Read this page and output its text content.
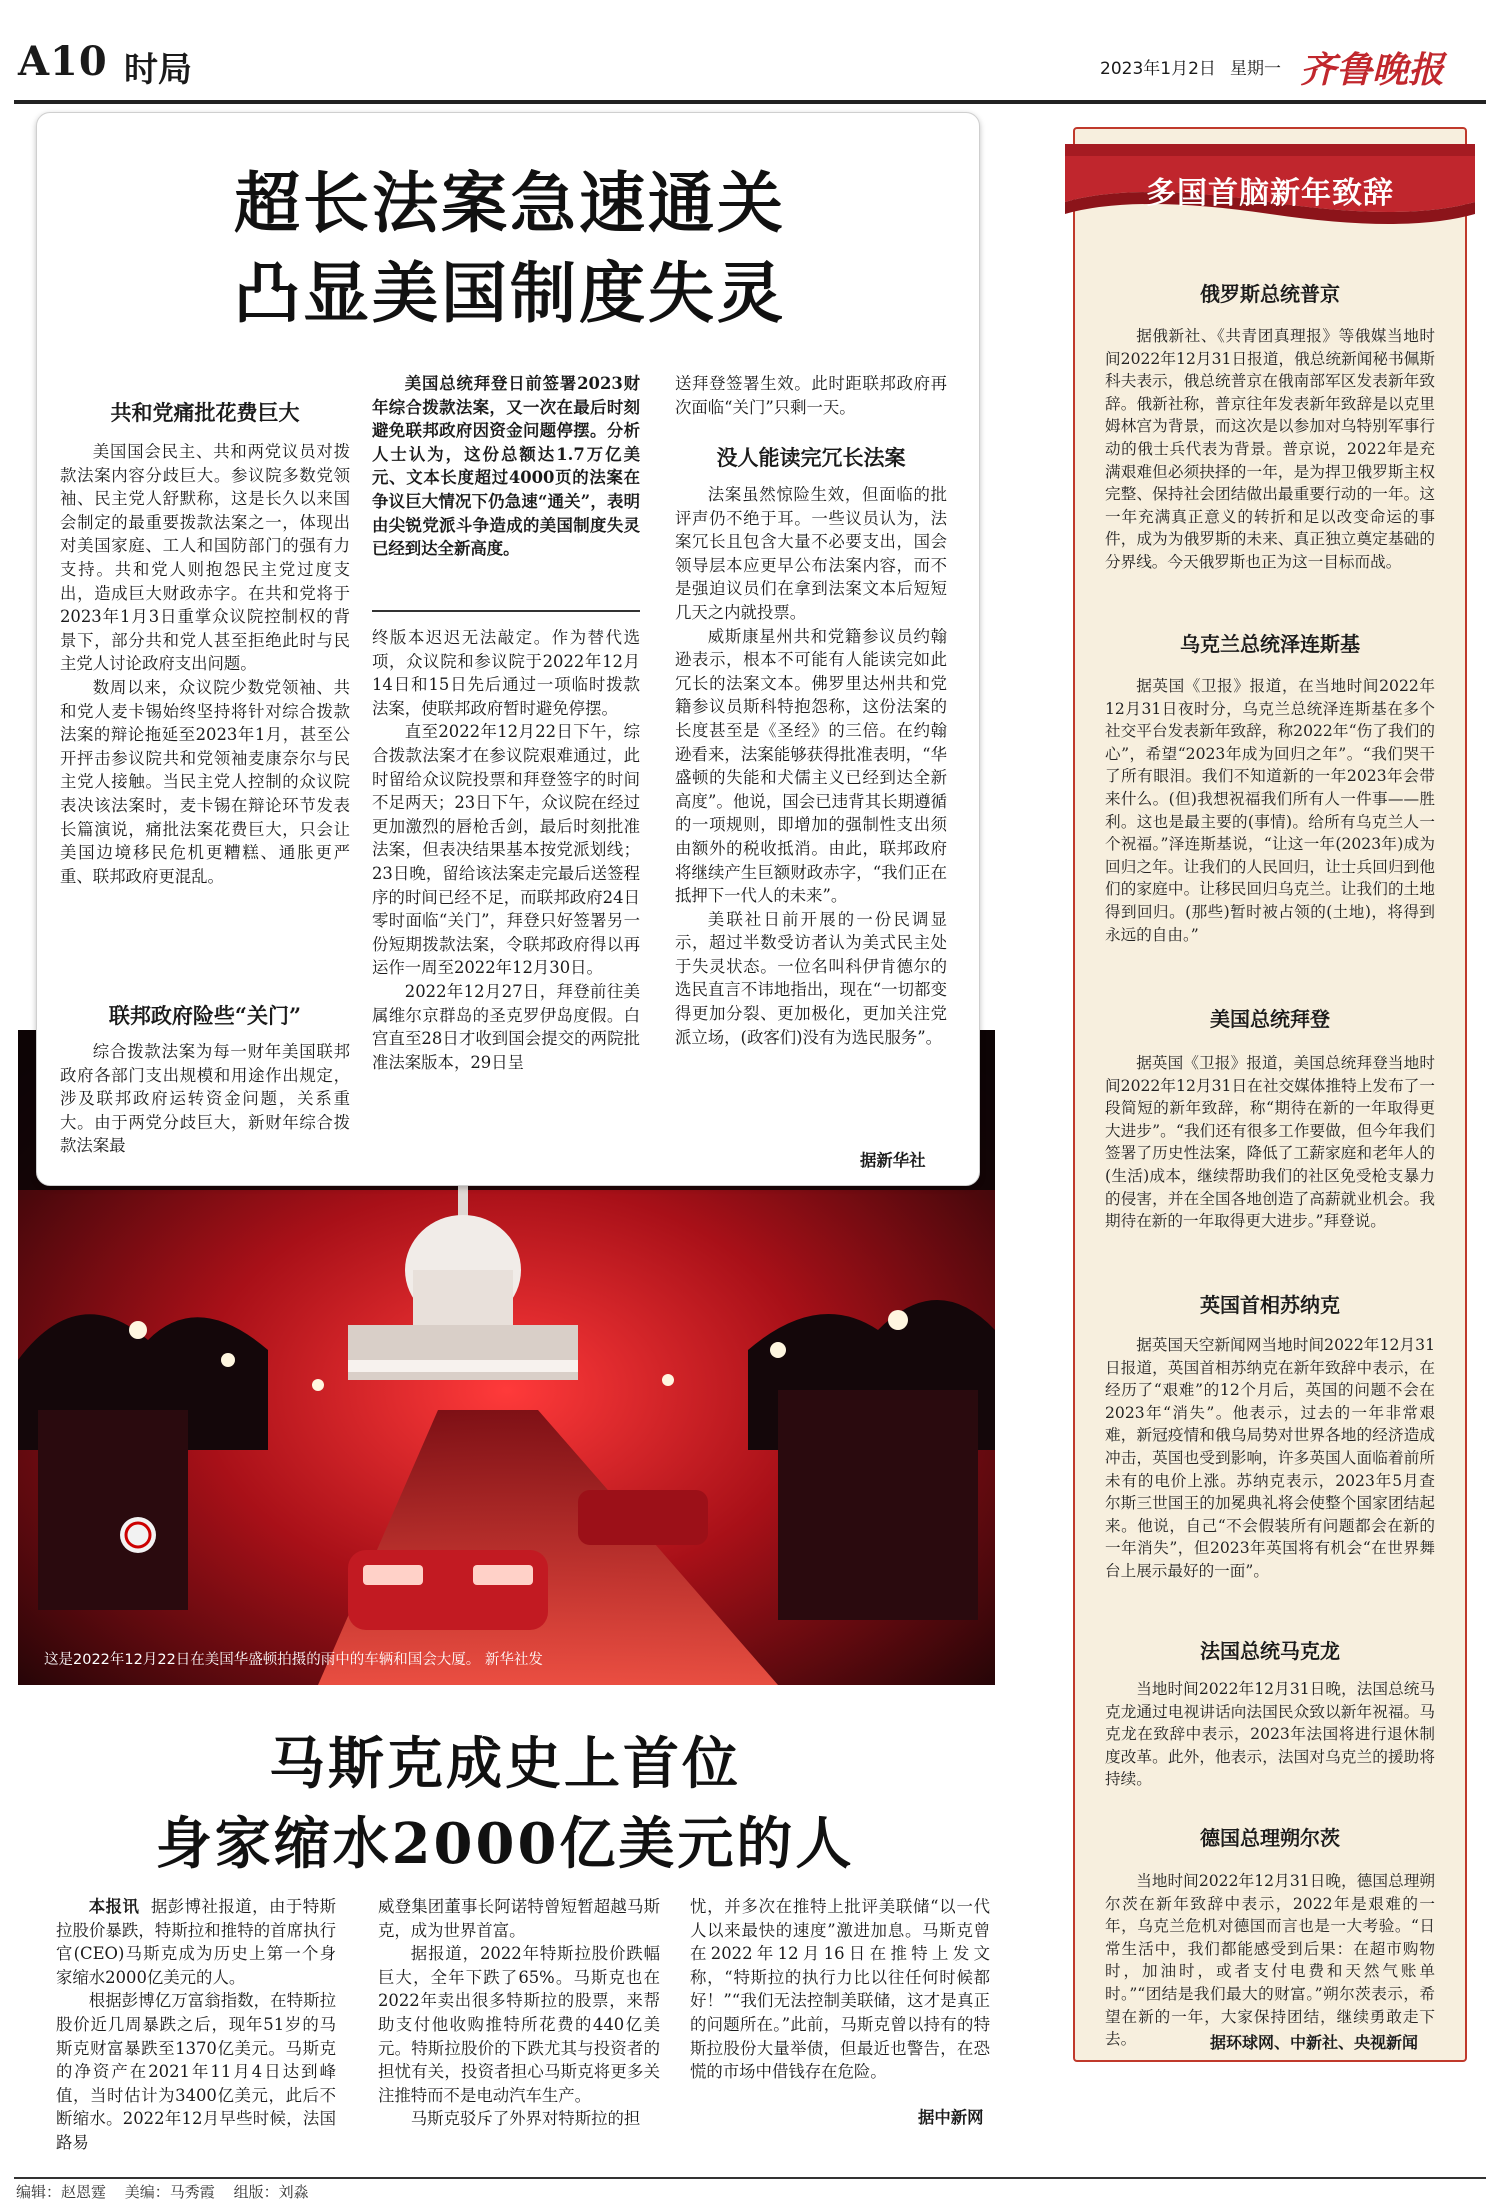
A10 时局	2023年1月2日 星期一 齐鲁晚报
这是2022年12月22日在美国华盛顿拍摄的雨中的车辆和国会大厦。 新华社发
超长法案急速通关
凸显美国制度失灵
共和党痛批花费巨大

美国国会民主、共和两党议员对拨款法案内容分歧巨大。参议院多数党领袖、民主党人舒默称，这是长久以来国会制定的最重要拨款法案之一，体现出对美国家庭、工人和国防部门的强有力支持。共和党人则抱怨民主党过度支出，造成巨大财政赤字。在共和党将于2023年1月3日重掌众议院控制权的背景下，部分共和党人甚至拒绝此时与民主党人讨论政府支出问题。

数周以来，众议院少数党领袖、共和党人麦卡锡始终坚持将针对综合拨款法案的辩论拖延至2023年1月，甚至公开抨击参议院共和党领袖麦康奈尔与民主党人接触。当民主党人控制的众议院表决该法案时，麦卡锡在辩论环节发表长篇演说，痛批法案花费巨大，只会让美国边境移民危机更糟糕、通胀更严重、联邦政府更混乱。

联邦政府险些“关门”

综合拨款法案为每一财年美国联邦政府各部门支出规模和用途作出规定，涉及联邦政府运转资金问题，关系重大。由于两党分歧巨大，新财年综合拨款法案最

美国总统拜登日前签署2023财年综合拨款法案，又一次在最后时刻避免联邦政府因资金问题停摆。分析人士认为，这份总额达1.7万亿美元、文本长度超过4000页的法案在争议巨大情况下仍急速“通关”，表明由尖锐党派斗争造成的美国制度失灵已经到达全新高度。

终版本迟迟无法敲定。作为替代选项，众议院和参议院于2022年12月14日和15日先后通过一项临时拨款法案，使联邦政府暂时避免停摆。

直至2022年12月22日下午，综合拨款法案才在参议院艰难通过，此时留给众议院投票和拜登签字的时间不足两天；23日下午，众议院在经过更加激烈的唇枪舌剑，最后时刻批准法案，但表决结果基本按党派划线；23日晚，留给该法案走完最后送签程序的时间已经不足，而联邦政府24日零时面临“关门”，拜登只好签署另一份短期拨款法案，令联邦政府得以再运作一周至2022年12月30日。

2022年12月27日，拜登前往美属维尔京群岛的圣克罗伊岛度假。白宫直至28日才收到国会提交的两院批准法案版本，29日呈

送拜登签署生效。此时距联邦政府再次面临“关门”只剩一天。
没人能读完冗长法案

法案虽然惊险生效，但面临的批评声仍不绝于耳。一些议员认为，法案冗长且包含大量不必要支出，国会领导层本应更早公布法案内容，而不是强迫议员们在拿到法案文本后短短几天之内就投票。

威斯康星州共和党籍参议员约翰逊表示，根本不可能有人能读完如此冗长的法案文本。佛罗里达州共和党籍参议员斯科特抱怨称，这份法案的长度甚至是《圣经》的三倍。在约翰逊看来，法案能够获得批准表明，“华盛顿的失能和犬儒主义已经到达全新高度”。他说，国会已违背其长期遵循的一项规则，即增加的强制性支出须由额外的税收抵消。由此，联邦政府将继续产生巨额财政赤字，“我们正在抵押下一代人的未来”。

美联社日前开展的一份民调显示，超过半数受访者认为美式民主处于失灵状态。一位名叫科伊肯德尔的选民直言不讳地指出，现在“一切都变得更加分裂、更加极化，更加关注党派立场，(政客们)没有为选民服务”。

据新华社
马斯克成史上首位
身家缩水2000亿美元的人

本报讯 据彭博社报道，由于特斯拉股价暴跌，特斯拉和推特的首席执行官(CEO)马斯克成为历史上第一个身家缩水2000亿美元的人。

根据彭博亿万富翁指数，在特斯拉股价近几周暴跌之后，现年51岁的马斯克财富暴跌至1370亿美元。马斯克的净资产在2021年11月4日达到峰值，当时估计为3400亿美元，此后不断缩水。2022年12月早些时候，法国路易

威登集团董事长阿诺特曾短暂超越马斯克，成为世界首富。

据报道，2022年特斯拉股价跌幅巨大，全年下跌了65%。马斯克也在2022年卖出很多特斯拉的股票，来帮助支付他收购推特所花费的440亿美元。特斯拉股价的下跌尤其与投资者的担忧有关，投资者担心马斯克将更多关注推特而不是电动汽车生产。

马斯克驳斥了外界对特斯拉的担

忧，并多次在推特上批评美联储“以一代人以来最快的速度”激进加息。马斯克曾在2022年12月16日在推特上发文称，“特斯拉的执行力比以往任何时候都好！”“我们无法控制美联储，这才是真正的问题所在。”此前，马斯克曾以持有的特斯拉股份大量举债，但最近也警告，在恐慌的市场中借钱存在危险。

据中新网
多国首脑新年致辞
俄罗斯总统普京
据俄新社、《共青团真理报》等俄媒当地时间2022年12月31日报道，俄总统新闻秘书佩斯科夫表示，俄总统普京在俄南部军区发表新年致辞。俄新社称，普京往年发表新年致辞是以克里姆林宫为背景，而这次是以参加对乌特别军事行动的俄士兵代表为背景。普京说，2022年是充满艰难但必须抉择的一年，是为捍卫俄罗斯主权完整、保持社会团结做出最重要行动的一年。这一年充满真正意义的转折和足以改变命运的事件，成为为俄罗斯的未来、真正独立奠定基础的分界线。今天俄罗斯也正为这一目标而战。
乌克兰总统泽连斯基
据英国《卫报》报道，在当地时间2022年12月31日夜时分，乌克兰总统泽连斯基在多个社交平台发表新年致辞，称2022年“伤了我们的心”，希望“2023年成为回归之年”。“我们哭干了所有眼泪。我们不知道新的一年2023年会带来什么。(但)我想祝福我们所有人一件事——胜利。这也是最主要的(事情)。给所有乌克兰人一个祝福。”泽连斯基说，“让这一年(2023年)成为回归之年。让我们的人民回归，让士兵回归到他们的家庭中。让移民回归乌克兰。让我们的土地得到回归。(那些)暂时被占领的(土地)，将得到永远的自由。”
美国总统拜登
据英国《卫报》报道，美国总统拜登当地时间2022年12月31日在社交媒体推特上发布了一段简短的新年致辞，称“期待在新的一年取得更大进步”。“我们还有很多工作要做，但今年我们签署了历史性法案，降低了工薪家庭和老年人的(生活)成本，继续帮助我们的社区免受枪支暴力的侵害，并在全国各地创造了高薪就业机会。我期待在新的一年取得更大进步。”拜登说。
英国首相苏纳克
据英国天空新闻网当地时间2022年12月31日报道，英国首相苏纳克在新年致辞中表示，在经历了“艰难”的12个月后，英国的问题不会在2023年“消失”。他表示，过去的一年非常艰难，新冠疫情和俄乌局势对世界各地的经济造成冲击，英国也受到影响，许多英国人面临着前所未有的电价上涨。苏纳克表示，2023年5月查尔斯三世国王的加冕典礼将会使整个国家团结起来。他说，自己“不会假装所有问题都会在新的一年消失”，但2023年英国将有机会“在世界舞台上展示最好的一面”。
法国总统马克龙
当地时间2022年12月31日晚，法国总统马克龙通过电视讲话向法国民众致以新年祝福。马克龙在致辞中表示，2023年法国将进行退休制度改革。此外，他表示，法国对乌克兰的援助将持续。
德国总理朔尔茨
当地时间2022年12月31日晚，德国总理朔尔茨在新年致辞中表示，2022年是艰难的一年，乌克兰危机对德国而言也是一大考验。“日常生活中，我们都能感受到后果：在超市购物时，加油时，或者支付电费和天然气账单时。”“团结是我们最大的财富。”朔尔茨表示，希望在新的一年，大家保持团结，继续勇敢走下去。	据环球网、中新社、央视新闻
编辑：赵恩霆 美编：马秀霞 组版：刘淼
